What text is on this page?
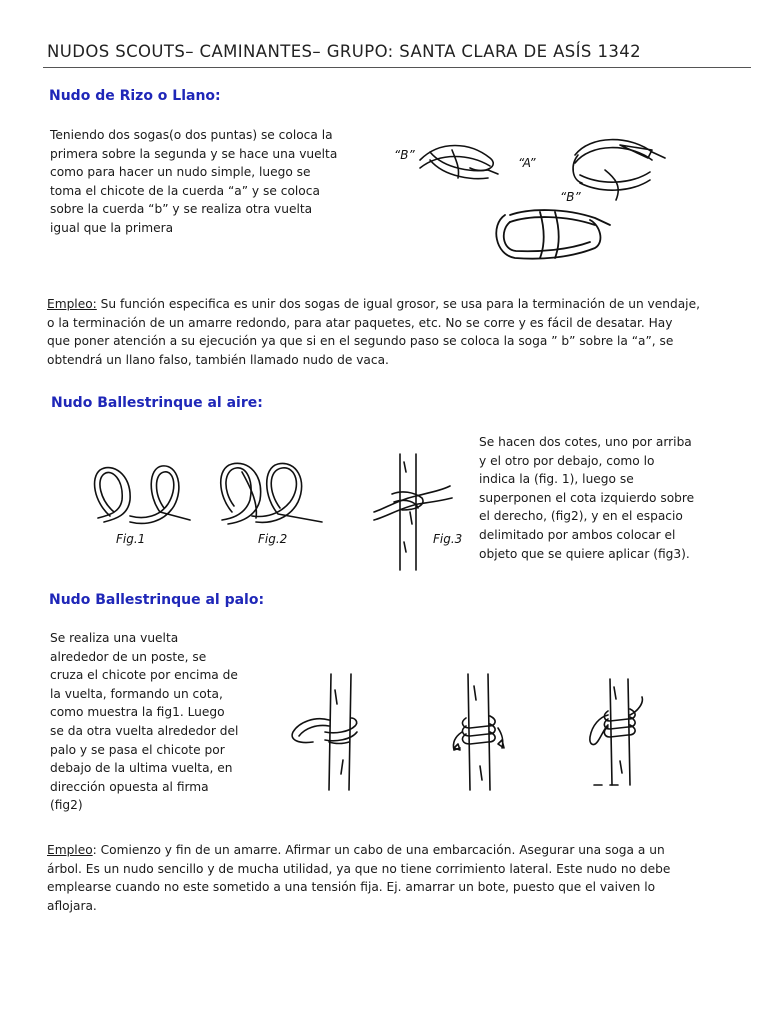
NUDOS SCOUTS– CAMINANTES– GRUPO: SANTA CLARA DE ASÍS 1342
Nudo de Rizo o Llano:
Teniendo dos sogas(o dos puntas) se coloca la
primera sobre la segunda y se hace una vuelta
como para hacer un nudo simple, luego se
toma el chicote de la cuerda “a” y se coloca
sobre la cuerda “b” y se realiza otra vuelta
igual que la primera
“B”
“A”
“B”
Empleo: Su función especifica es unir dos sogas de igual grosor, se usa para la terminación de un vendaje,
o la terminación de un amarre redondo, para atar paquetes, etc. No se corre y es fácil de desatar. Hay
que poner atención a su ejecución ya que si en el segundo paso se coloca la soga ” b” sobre la “a”, se
obtendrá un llano falso, también llamado nudo de vaca.
Nudo Ballestrinque al aire:
Fig.1	Fig.2	Fig.3
Se hacen dos cotes, uno por arriba
y el otro por debajo, como lo
indica la (fig. 1), luego se
superponen el cota izquierdo sobre
el derecho, (fig2), y en el espacio
delimitado por ambos colocar el
objeto que se quiere aplicar (fig3).
Nudo Ballestrinque al palo:
Se realiza una vuelta
alrededor de un poste, se
cruza el chicote por encima de
la vuelta, formando un cota,
como muestra la fig1. Luego
se da otra vuelta alrededor del
palo y se pasa el chicote por
debajo de la ultima vuelta, en
dirección opuesta al firma
(fig2)
Empleo: Comienzo y fin de un amarre. Afirmar un cabo de una embarcación. Asegurar una soga a un
árbol. Es un nudo sencillo y de mucha utilidad, ya que no tiene corrimiento lateral. Este nudo no debe
emplearse cuando no este sometido a una tensión fija. Ej. amarrar un bote, puesto que el vaiven lo
aflojara.
